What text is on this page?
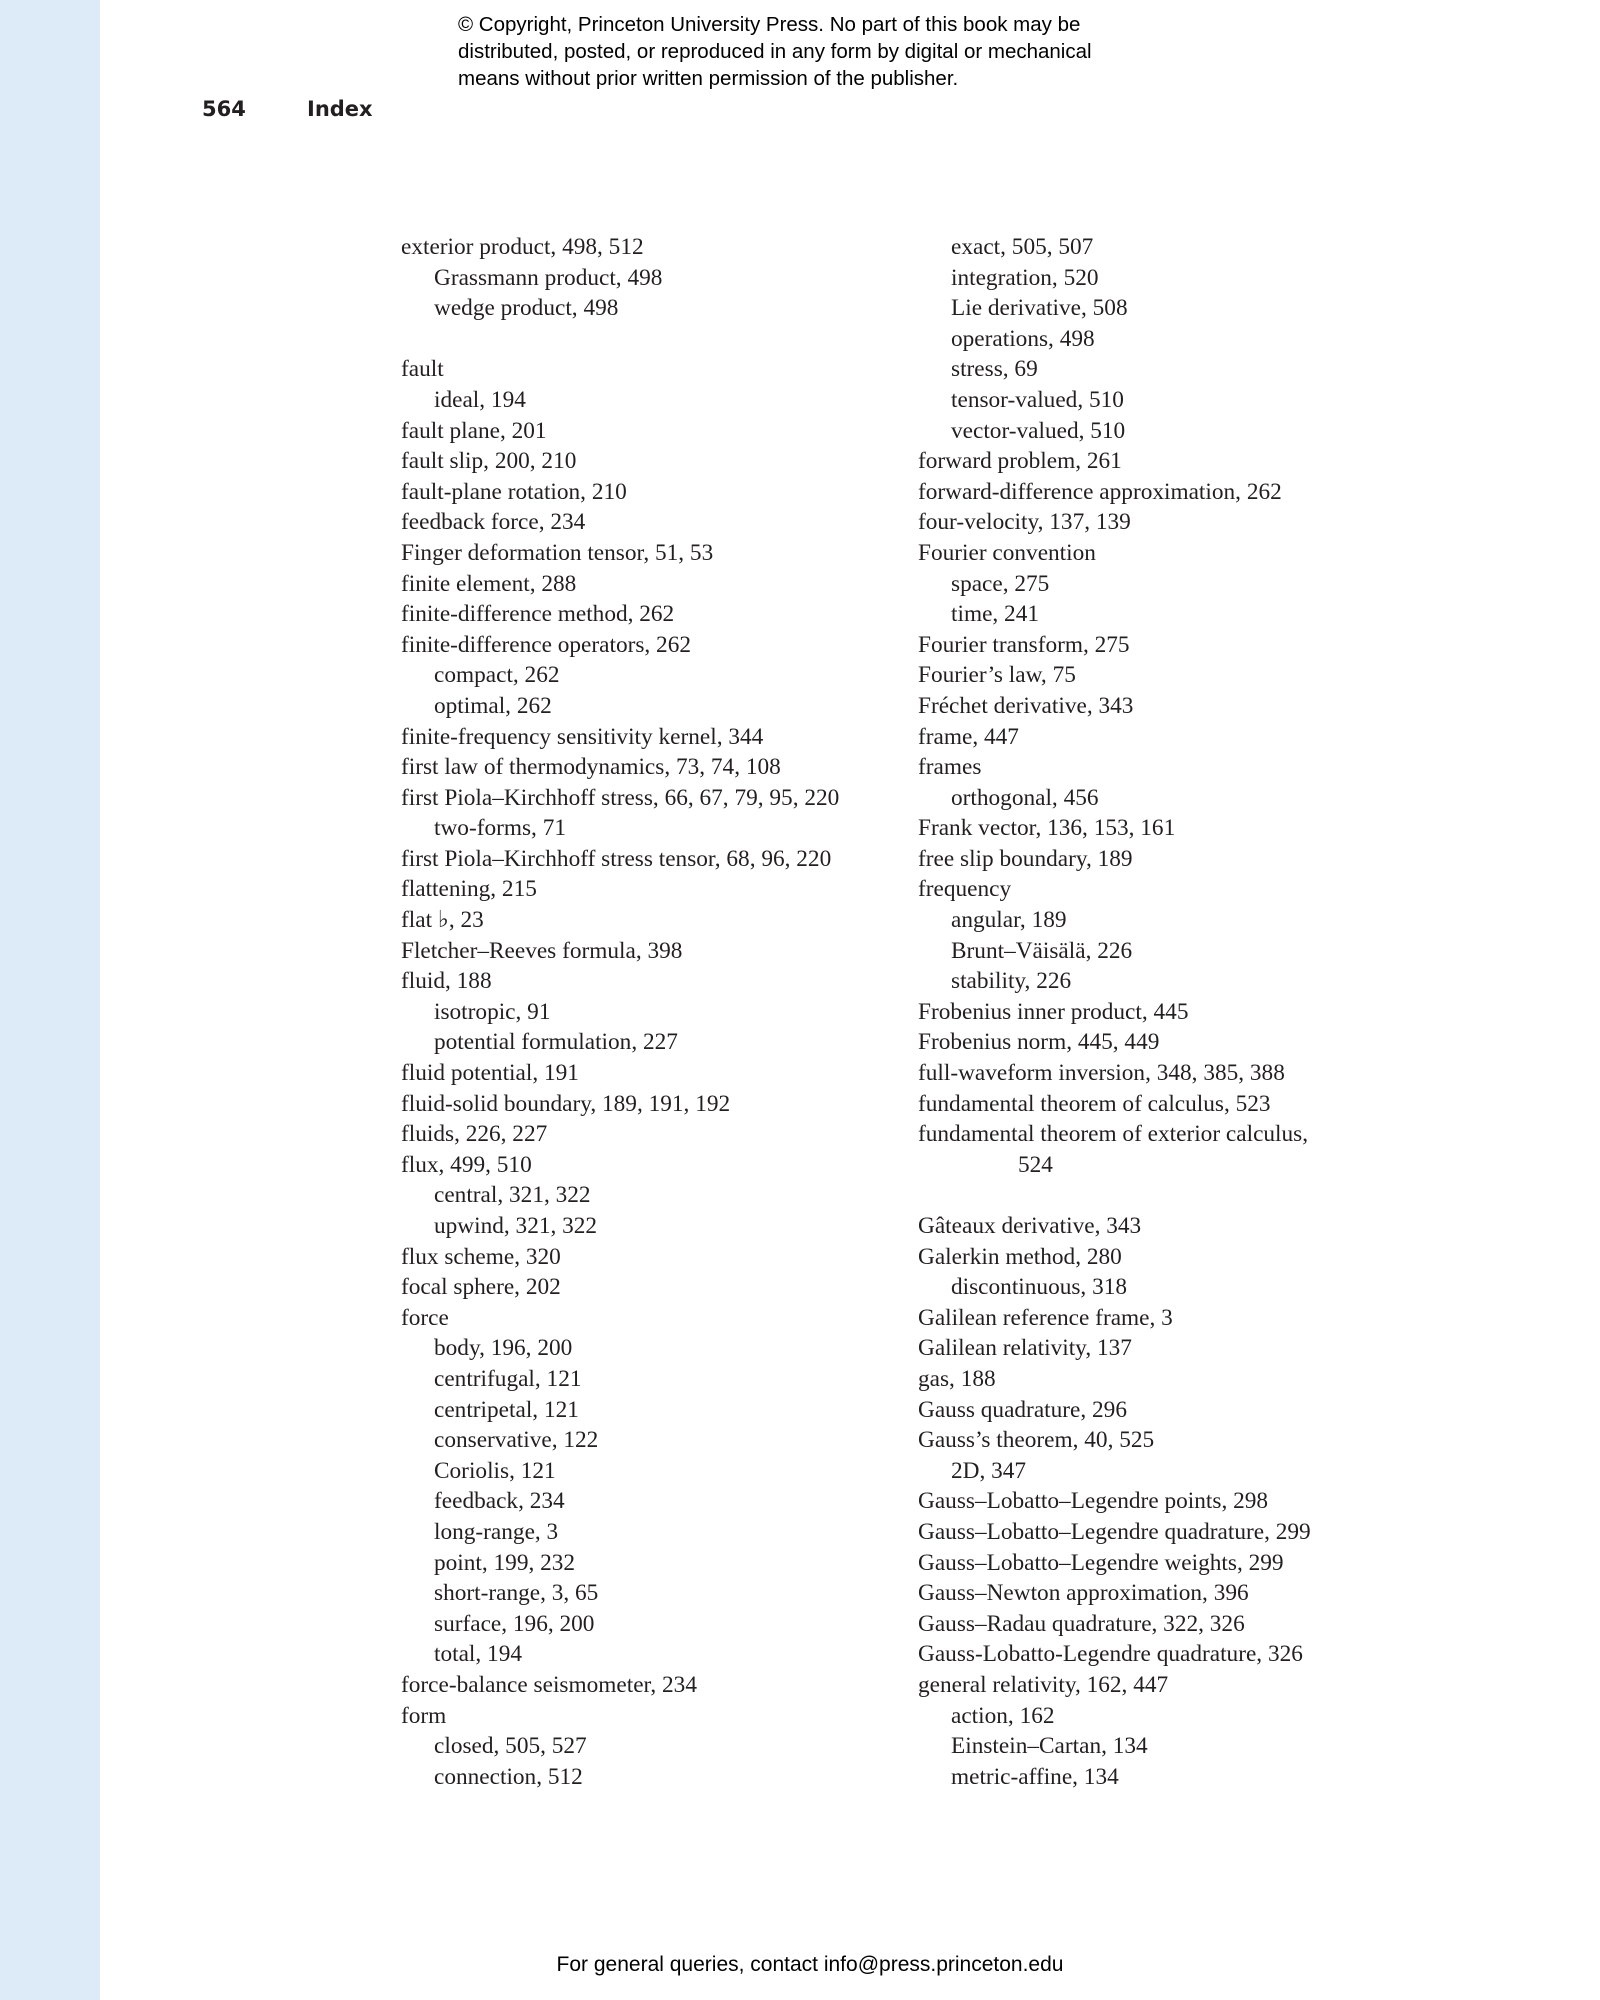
© Copyright, Princeton University Press. No part of this book may be
distributed, posted, or reproduced in any form by digital or mechanical
means without prior written permission of the publisher.
564	Index
exterior product, 498, 512
Grassmann product, 498
wedge product, 498
fault
ideal, 194
fault plane, 201
fault slip, 200, 210
fault-plane rotation, 210
feedback force, 234
Finger deformation tensor, 51, 53
finite element, 288
finite-difference method, 262
finite-difference operators, 262
compact, 262
optimal, 262
finite-frequency sensitivity kernel, 344
first law of thermodynamics, 73, 74, 108
first Piola–Kirchhoff stress, 66, 67, 79, 95, 220
two-forms, 71
first Piola–Kirchhoff stress tensor, 68, 96, 220
flattening, 215
flat ♭, 23
Fletcher–Reeves formula, 398
fluid, 188
isotropic, 91
potential formulation, 227
fluid potential, 191
fluid-solid boundary, 189, 191, 192
fluids, 226, 227
flux, 499, 510
central, 321, 322
upwind, 321, 322
flux scheme, 320
focal sphere, 202
force
body, 196, 200
centrifugal, 121
centripetal, 121
conservative, 122
Coriolis, 121
feedback, 234
long-range, 3
point, 199, 232
short-range, 3, 65
surface, 196, 200
total, 194
force-balance seismometer, 234
form
closed, 505, 527
connection, 512
exact, 505, 507
integration, 520
Lie derivative, 508
operations, 498
stress, 69
tensor-valued, 510
vector-valued, 510
forward problem, 261
forward-difference approximation, 262
four-velocity, 137, 139
Fourier convention
space, 275
time, 241
Fourier transform, 275
Fourier’s law, 75
Fréchet derivative, 343
frame, 447
frames
orthogonal, 456
Frank vector, 136, 153, 161
free slip boundary, 189
frequency
angular, 189
Brunt–Väisälä, 226
stability, 226
Frobenius inner product, 445
Frobenius norm, 445, 449
full-waveform inversion, 348, 385, 388
fundamental theorem of calculus, 523
fundamental theorem of exterior calculus,
524
Gâteaux derivative, 343
Galerkin method, 280
discontinuous, 318
Galilean reference frame, 3
Galilean relativity, 137
gas, 188
Gauss quadrature, 296
Gauss’s theorem, 40, 525
2D, 347
Gauss–Lobatto–Legendre points, 298
Gauss–Lobatto–Legendre quadrature, 299
Gauss–Lobatto–Legendre weights, 299
Gauss–Newton approximation, 396
Gauss–Radau quadrature, 322, 326
Gauss-Lobatto-Legendre quadrature, 326
general relativity, 162, 447
action, 162
Einstein–Cartan, 134
metric-affine, 134
For general queries, contact info@press.princeton.edu
